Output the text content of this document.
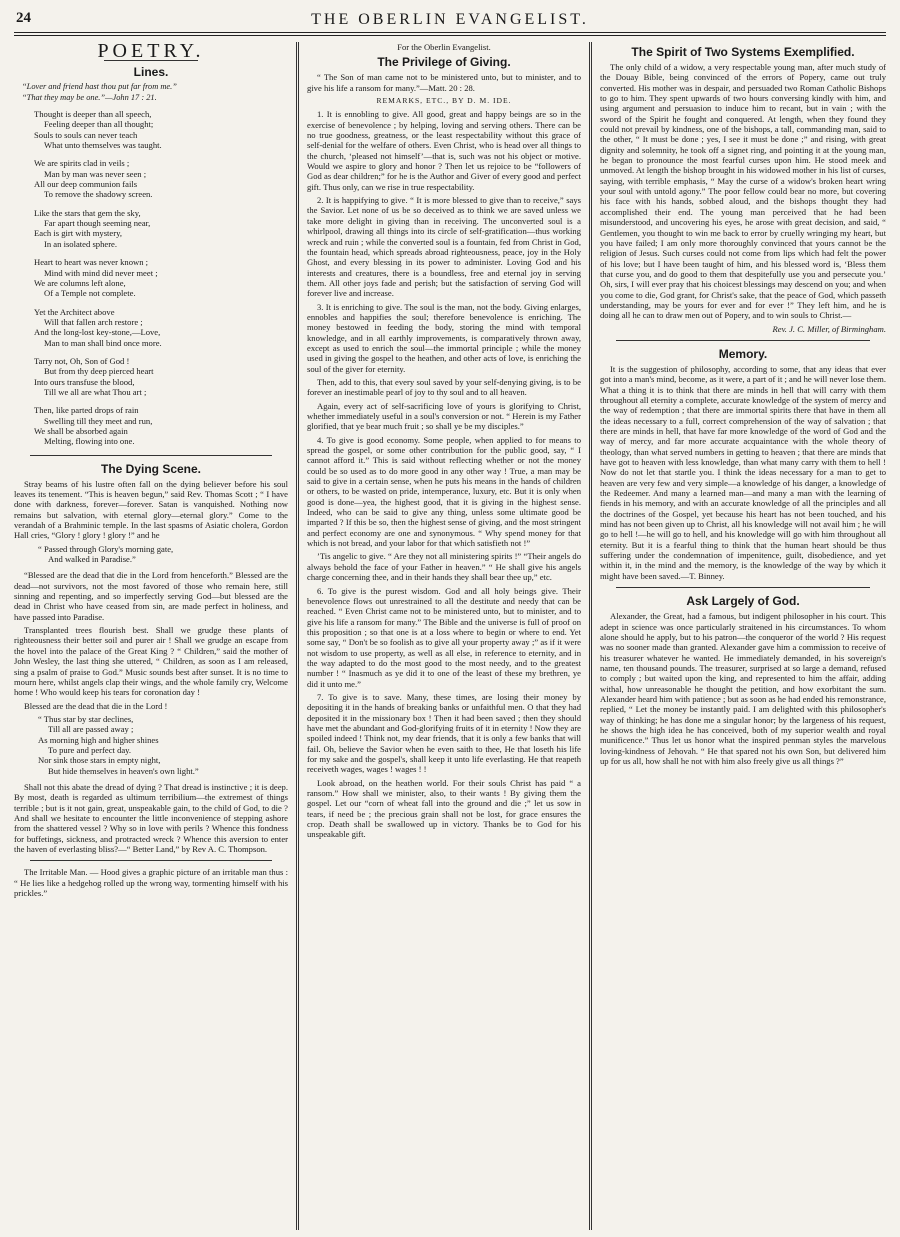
24	THE OBERLIN EVANGELIST.
POETRY.
Lines.
“Lover and friend hast thou put far from me.”
“That they may be one.”—John 17 : 21.
Thought is deeper than all speech,
Feeling deeper than all thought;
Souls to souls can never teach
What unto themselves was taught.
We are spirits clad in veils ;
Man by man was never seen ;
All our deep communion fails
To remove the shadowy screen.
Like the stars that gem the sky,
Far apart though seeming near,
Each is girt with mystery,
In an isolated sphere.
Heart to heart was never known ;
Mind with mind did never meet ;
We are columns left alone,
Of a Temple not complete.
Yet the Architect above
Will that fallen arch restore ;
And the long-lost key-stone,—Love,
Man to man shall bind once more.
Tarry not, Oh, Son of God !
But from thy deep pierced heart
Into ours transfuse the blood,
Till we all are what Thou art ;
Then, like parted drops of rain
Swelling till they meet and run,
We shall be absorbed again
Melting, flowing into one.
The Dying Scene.

Stray beams of his lustre often fall on the dying believer before his soul leaves its tenement. “This is heaven begun,” said Rev. Thomas Scott ; “ I have done with darkness, forever—forever. Satan is vanquished. Nothing now remains but salvation, with eternal glory—eternal glory.” Come to the verandah of a Brahminic temple. In the last spasms of Asiatic cholera, Gordon Hall cries, “Glory ! glory ! glory !” and he

“ Passed through Glory's morning gate,
And walked in Paradise.”

“Blessed are the dead that die in the Lord from henceforth.” Blessed are the dead—not survivors, not the most favored of those who remain here, still sinning and repenting, and so imperfectly serving God—but blessed are the dead in Christ who have ceased from sin, are made perfect in holiness, and have passed into Paradise.

Transplanted trees flourish best. Shall we grudge these plants of righteousness their better soil and purer air ! Shall we grudge an escape from the hovel into the palace of the Great King ? “ Children,” said the mother of John Wesley, the last thing she uttered, “ Children, as soon as I am released, sing a psalm of praise to God.” Music sounds best after sunset. It is no time to mourn here, whilst angels clap their wings, and the whole family cry, Welcome home ! Who would keep his tears for coronation day !

Blessed are the dead that die in the Lord !

“ Thus star by star declines,
Till all are passed away ;
As morning high and higher shines
To pure and perfect day.
Nor sink those stars in empty night,
But hide themselves in heaven's own light.”

Shall not this abate the dread of dying ? That dread is instinctive ; it is deep. By most, death is regarded as ultimum terribilium—the extremest of things terrible ; but is it not gain, great, unspeakable gain, to the child of God, to die ? And shall we hesitate to encounter the little inconvenience of stepping ashore from the shattered vessel ? Why so in love with perils ? Whence this fondness for buffetings, sickness, and protracted wreck ? Whence this aversion to enter the haven of everlasting bliss?—“ Better Land,” by Rev A. C. Thompson.

The Irritable Man. — Hood gives a graphic picture of an irritable man thus : “ He lies like a hedgehog rolled up the wrong way, tormenting himself with his prickles.”

For the Oberlin Evangelist.
The Privilege of Giving.

“ The Son of man came not to be ministered unto, but to minister, and to give his life a ransom for many.”—Matt. 20 : 28.

REMARKS, ETC., BY D. M. IDE.

1. It is ennobling to give. All good, great and happy beings are so in the exercise of benevolence ; by helping, loving and serving others. There can be no true goodness, greatness, or the least respectability without this grace of self-denial for the welfare of others. Even Christ, who is head over all things to the church, ‘pleased not himself’—that is, such was not his object or motive. Would we aspire to glory and honor ? Then let us rejoice to be “followers of God as dear children;” for he is the Author and Giver of every good and perfect gift. Thus only, can we rise in true respectability.

2. It is happifying to give. “ It is more blessed to give than to receive,” says the Savior. Let none of us be so deceived as to think we are saved unless we take more delight in giving than in receiving. The unconverted soul is a whirlpool, drawing all things into its circle of self-gratification—thus working wreck and ruin ; while the converted soul is a fountain, fed from Christ in God, the fountain head, which spreads abroad righteousness, peace, joy in the Holy Ghost, and every blessing in its power to administer. Loving God and his interests and creatures, there is a boundless, free and eternal joy in serving them. All other joys fade and perish; but the satisfaction of serving God will forever live and increase.

3. It is enriching to give. The soul is the man, not the body. Giving enlarges, ennobles and happifies the soul; therefore benevolence is enriching. The money bestowed in feeding the body, storing the mind with temporal knowledge, and in all earthly improvements, is comparatively thrown away, except as used to enrich the soul—the immortal principle ; while the money used in giving the gospel to the heathen, and other acts of love, is enriching the soul of the giver for eternity.

Then, add to this, that every soul saved by your self-denying giving, is to be forever an inestimable pearl of joy to thy soul and to all heaven.

Again, every act of self-sacrificing love of yours is glorifying to Christ, whether immediately useful in a soul's conversion or not. “ Herein is my Father glorified, that ye bear much fruit ; so shall ye be my disciples.”

4. To give is good economy. Some people, when applied to for means to spread the gospel, or some other contribution for the public good, say, “ I cannot afford it.” This is said without reflecting whether or not the money could be so used as to do more good in any other way ! True, a man may be said to give in a certain sense, when he puts his means in the hands of children or others, to be wasted on pride, intemperance, luxury, etc. But it is only when good is done—yea, the highest good, that it is giving in the highest sense. Indeed, who can be said to give any thing, unless some ultimate good be imparted ? If this be so, then the highest sense of giving, and the most stringent and perfect economy are one and synonymous. “ Why spend money for that which is not bread, and your labor for that which satisfieth not !”

’Tis angelic to give. “ Are they not all ministering spirits !” “Their angels do always behold the face of your Father in heaven.” “ He shall give his angels charge concerning thee, and in their hands they shall bear thee up,” etc.

6. To give is the purest wisdom. God and all holy beings give. Their benevolence flows out unrestrained to all the destitute and needy that can be reached. “ Even Christ came not to be ministered unto, but to minister, and to give his life a ransom for many.” The Bible and the universe is full of proof on this proposition ; so that one is at a loss where to begin or where to end. Yet some say, “ Don't be so foolish as to give all your property away ;” as if it were not wisdom to use property, as well as all else, in reference to eternity, and in the way adapted to do the most good to the most needy, and to the greatest number ! “ Inasmuch as ye did it to one of the least of these my brethren, ye did it unto me.”

7. To give is to save. Many, these times, are losing their money by depositing it in the hands of breaking banks or unfaithful men. O that they had deposited it in the missionary box ! Then it had been saved ; then they should have met the abundant and God-glorifying fruits of it in eternity ! Now they are spoiled indeed ! Think not, my dear friends, that it is only a few banks that will fail. Oh, believe the Savior when he even saith to thee, He that loseth his life for my sake and the gospel's, shall keep it unto life everlasting. He that reapeth receiveth wages, wages ! wages ! !

Look abroad, on the heathen world. For their souls Christ has paid “ a ransom.” How shall we minister, also, to their wants ! By giving them the gospel. Let our “corn of wheat fall into the ground and die ;” let us sow in tears, if need be ; the precious grain shall not be lost, for grace ensures the crop. Death shall be swallowed up in victory. Thanks be to God for his unspeakable gift.

The Spirit of Two Systems Exemplified.

The only child of a widow, a very respectable young man, after much study of the Douay Bible, being convinced of the errors of Popery, came out truly converted. His mother was in despair, and persuaded two Roman Catholic Bishops to go to him. They spent upwards of two hours conversing kindly with him, and using argument and persuasion to induce him to recant, but in vain ; with the sword of the Spirit he fought and conquered. At length, when they found they could not prevail by kindness, one of the bishops, a tall, commanding man, said to the other, “ It must be done ; yes, I see it must be done ;” and rising, with great dignity and solemnity, he took off a signet ring, and pointing it at the young man, he began to pronounce the most fearful curses upon him. He stood meek and unmoved. At length the bishop brought in his widowed mother in his list of curses, saying, with terrible emphasis, “ May the curse of a widow's broken heart wring your soul with untold agony.” The poor fellow could bear no more, but covering his face with his hands, sobbed aloud, and the bishops thought they had accomplished their end. The young man perceived that he had been misunderstood, and uncovering his eyes, he arose with great decision, and said, “ Gentlemen, you thought to win me back to error by cruelly wringing my heart, but you have failed; I am only more thoroughly convinced that yours cannot be the religion of Jesus. Such curses could not come from lips which had felt the power of his love; but I have been taught of him, and his blessed word is, ‘Bless them that curse you, and do good to them that despitefully use you and persecute you.’ Oh, sirs, I will ever pray that his choicest blessings may descend on you; and when you come to die, God grant, for Christ's sake, that the peace of God, which passeth understanding, may be yours for ever and for ever !” They left him, and he is doing all he can to draw men out of Popery, and to win souls to Christ.—

Rev. J. C. Miller, of Birmingham.
Memory.

It is the suggestion of philosophy, according to some, that any ideas that ever got into a man's mind, become, as it were, a part of it ; and he will never lose them. What a thing it is to think that there are minds in hell that will carry with them throughout all eternity a complete, accurate knowledge of the system of mercy and the way of redemption ; that there are immortal spirits there that have in them all the ideas necessary to a full, correct comprehension of the way of salvation ; that there are minds in hell, that have far more knowledge of the word of God and the way of mercy, and far more accurate acquaintance with the whole theory of theology, than what served numbers in getting to heaven ; that there are minds that have got to heaven with less knowledge, than what many carry with them to hell ! Now do not let that startle you. I think the ideas necessary for a man to get to heaven are very few and very simple—a knowledge of his danger, a knowledge of the Redeemer. And many a learned man—and many a man with the learning of fiends in his memory, and with an accurate knowledge of all the principles and all the doctrines of the Gospel, yet because his heart has not been touched, and his mind has not been given up to Christ, all his knowledge will not avail him ; he will go to hell !—he will go to hell, and his knowledge will go with him throughout all eternity. But it is a fearful thing to think that the human heart should be thus suffering under the condemnation of impenitence, guilt, disobedience, and yet within it, in the mind and the memory, is the knowledge of the way by which it might have been saved.—T. Binney.

Ask Largely of God.

Alexander, the Great, had a famous, but indigent philosopher in his court. This adept in science was once particularly straitened in his circumstances. To whom alone should he apply, but to his patron—the conqueror of the world ? His request was no sooner made than granted. Alexander gave him a commission to receive of his treasurer whatever he wanted. He immediately demanded, in his sovereign's name, ten thousand pounds. The treasurer, surprised at so large a demand, refused to comply ; but waited upon the king, and represented to him the affair, adding withal, how unreasonable he thought the petition, and how exorbitant the sum. Alexander heard him with patience ; but as soon as he had ended his remonstrance, replied, “ Let the money be instantly paid. I am delighted with this philosopher's way of thinking; he has done me a singular honor; by the largeness of his request, he shows the high idea he has conceived, both of my superior wealth and royal munificence.” Thus let us honor what the inspired penman styles the marvelous loving-kindness of Jehovah. “ He that spared not his own Son, but delivered him up for us all, how shall he not with him also freely give us all things ?”
